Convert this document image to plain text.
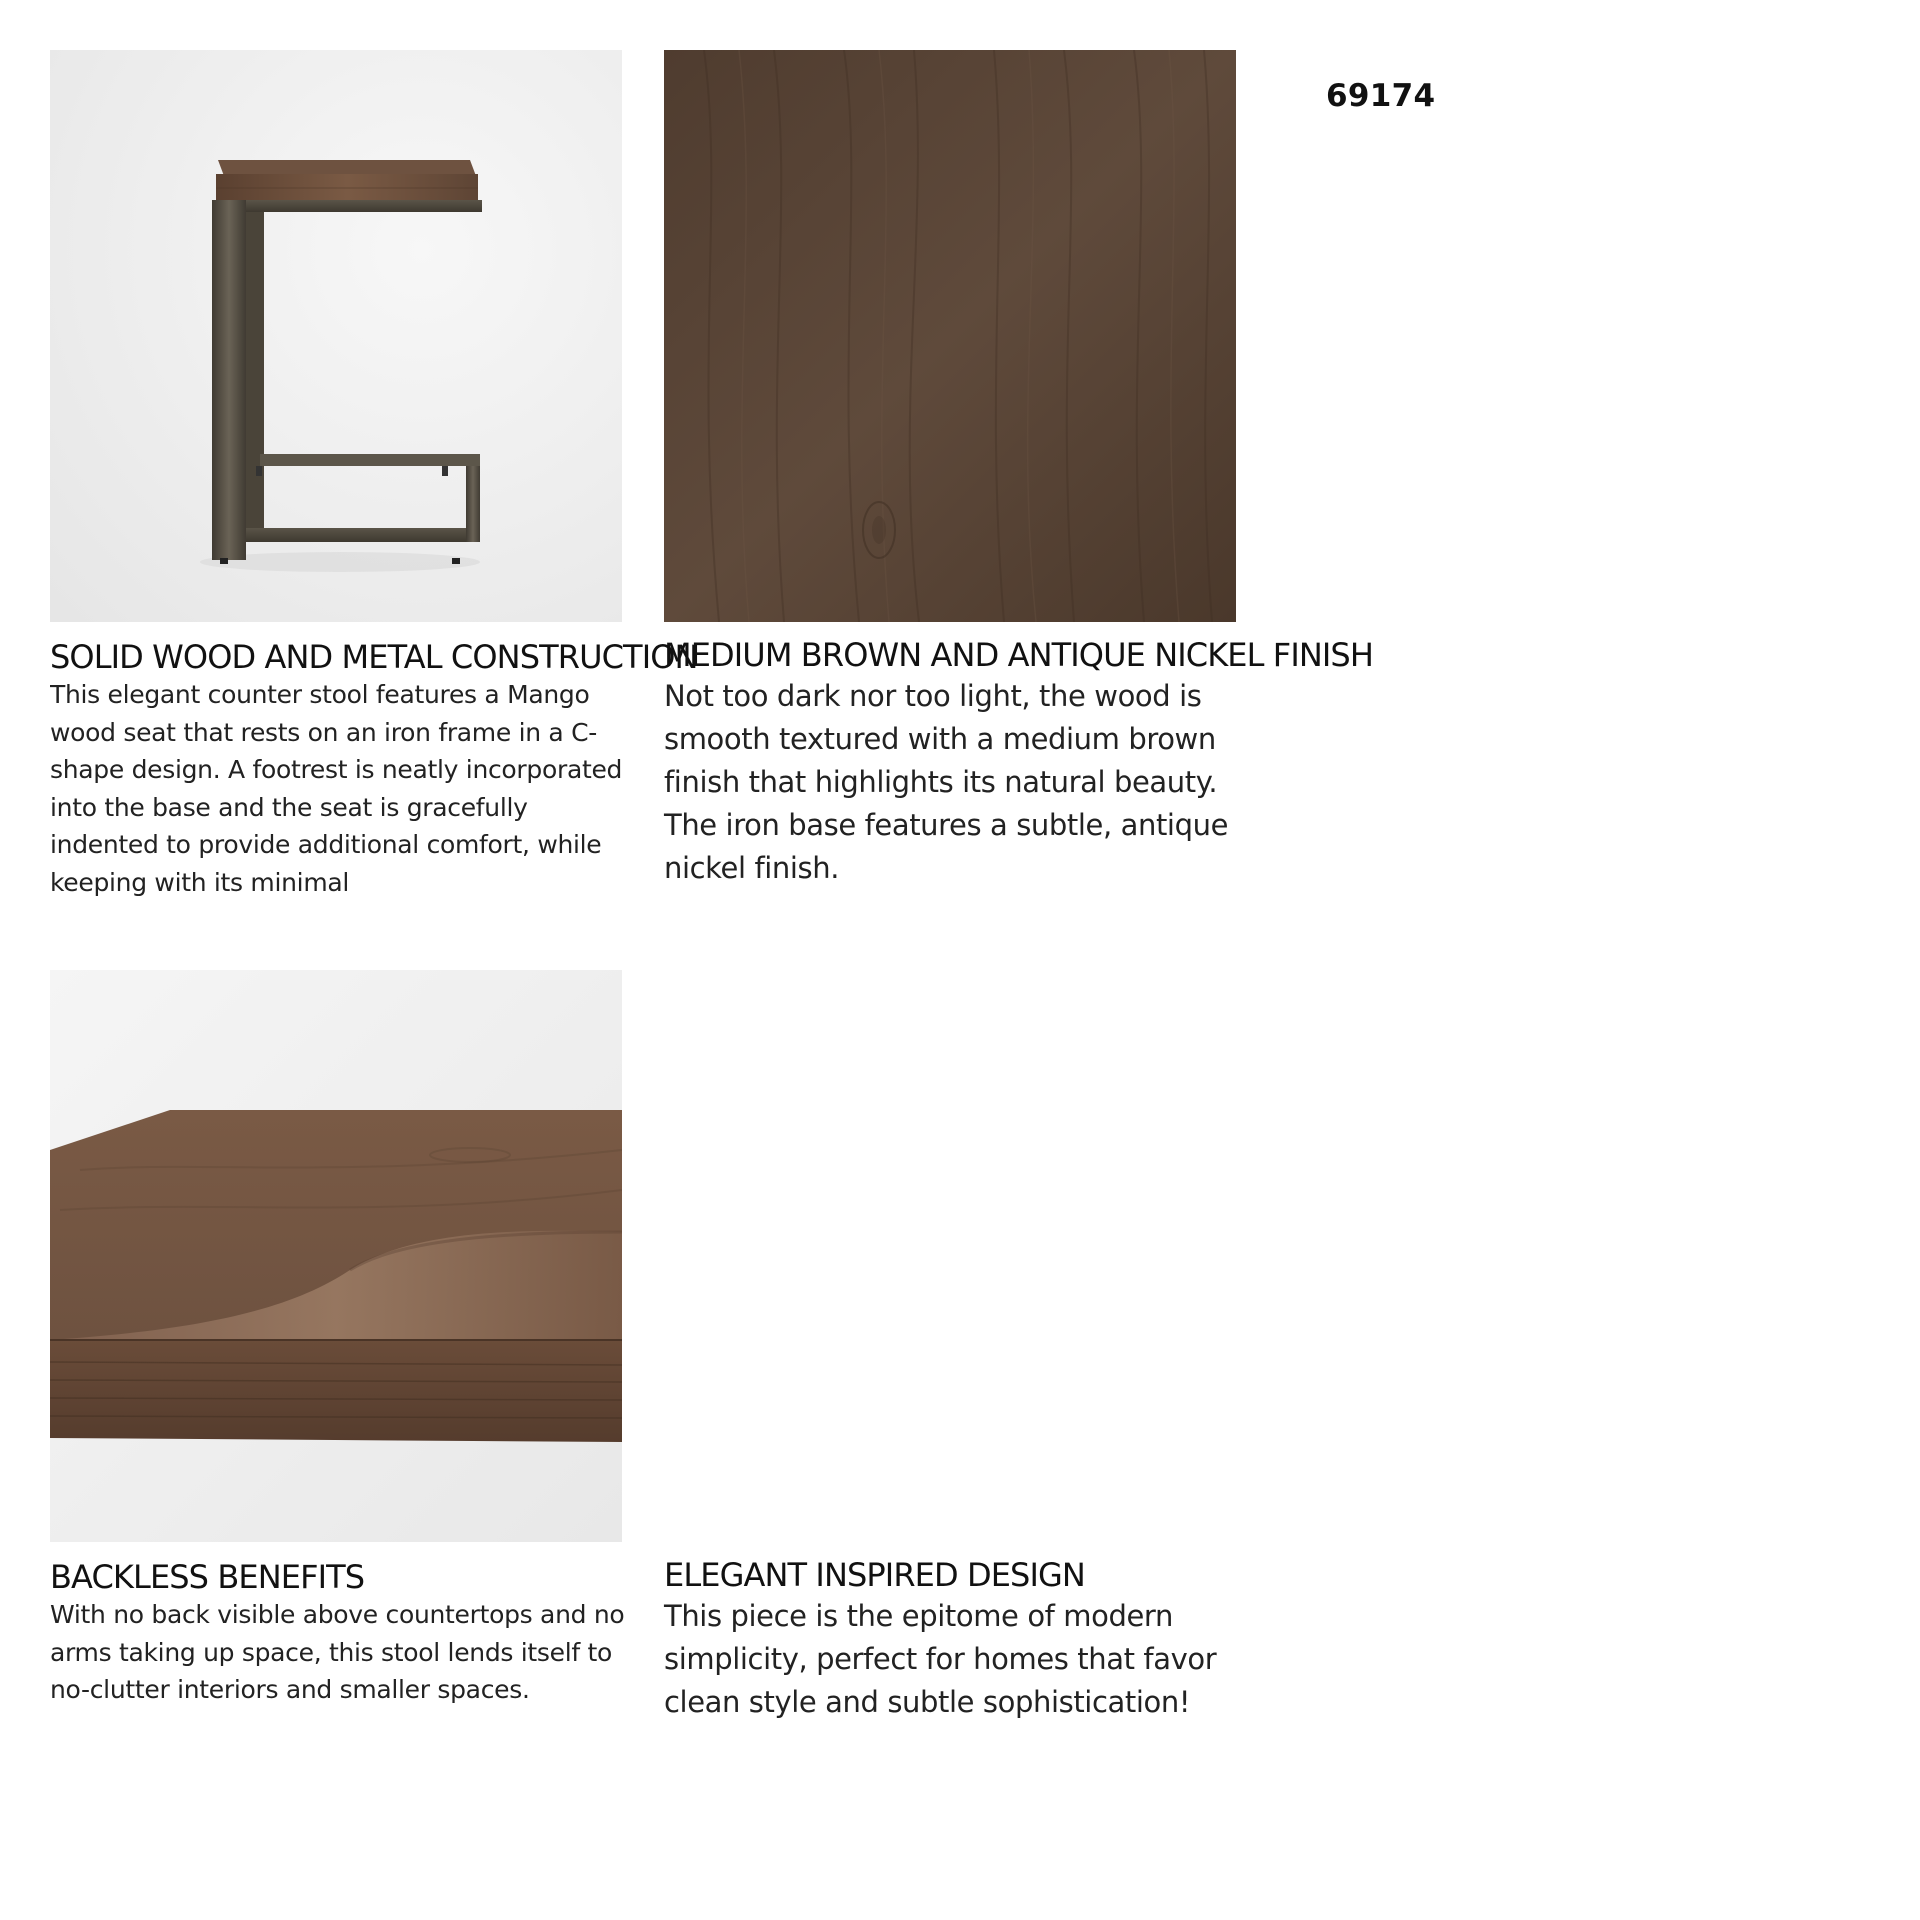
69174
SOLID WOOD AND METAL CONSTRUCTION

This elegant counter stool features a Mango wood seat that rests on an iron frame in a C-shape design. A footrest is neatly incorporated into the base and the seat is gracefully indented to provide additional comfort, while keeping with its minimal

MEDIUM BROWN AND ANTIQUE NICKEL FINISH

Not too dark nor too light, the wood is smooth textured with a medium brown finish that highlights its natural beauty. The iron base features a subtle, antique nickel finish.

BACKLESS BENEFITS

With no back visible above countertops and no arms taking up space, this stool lends itself to no-clutter interiors and smaller spaces.

ELEGANT INSPIRED DESIGN

This piece is the epitome of modern simplicity, perfect for homes that favor clean style and subtle sophistication!
